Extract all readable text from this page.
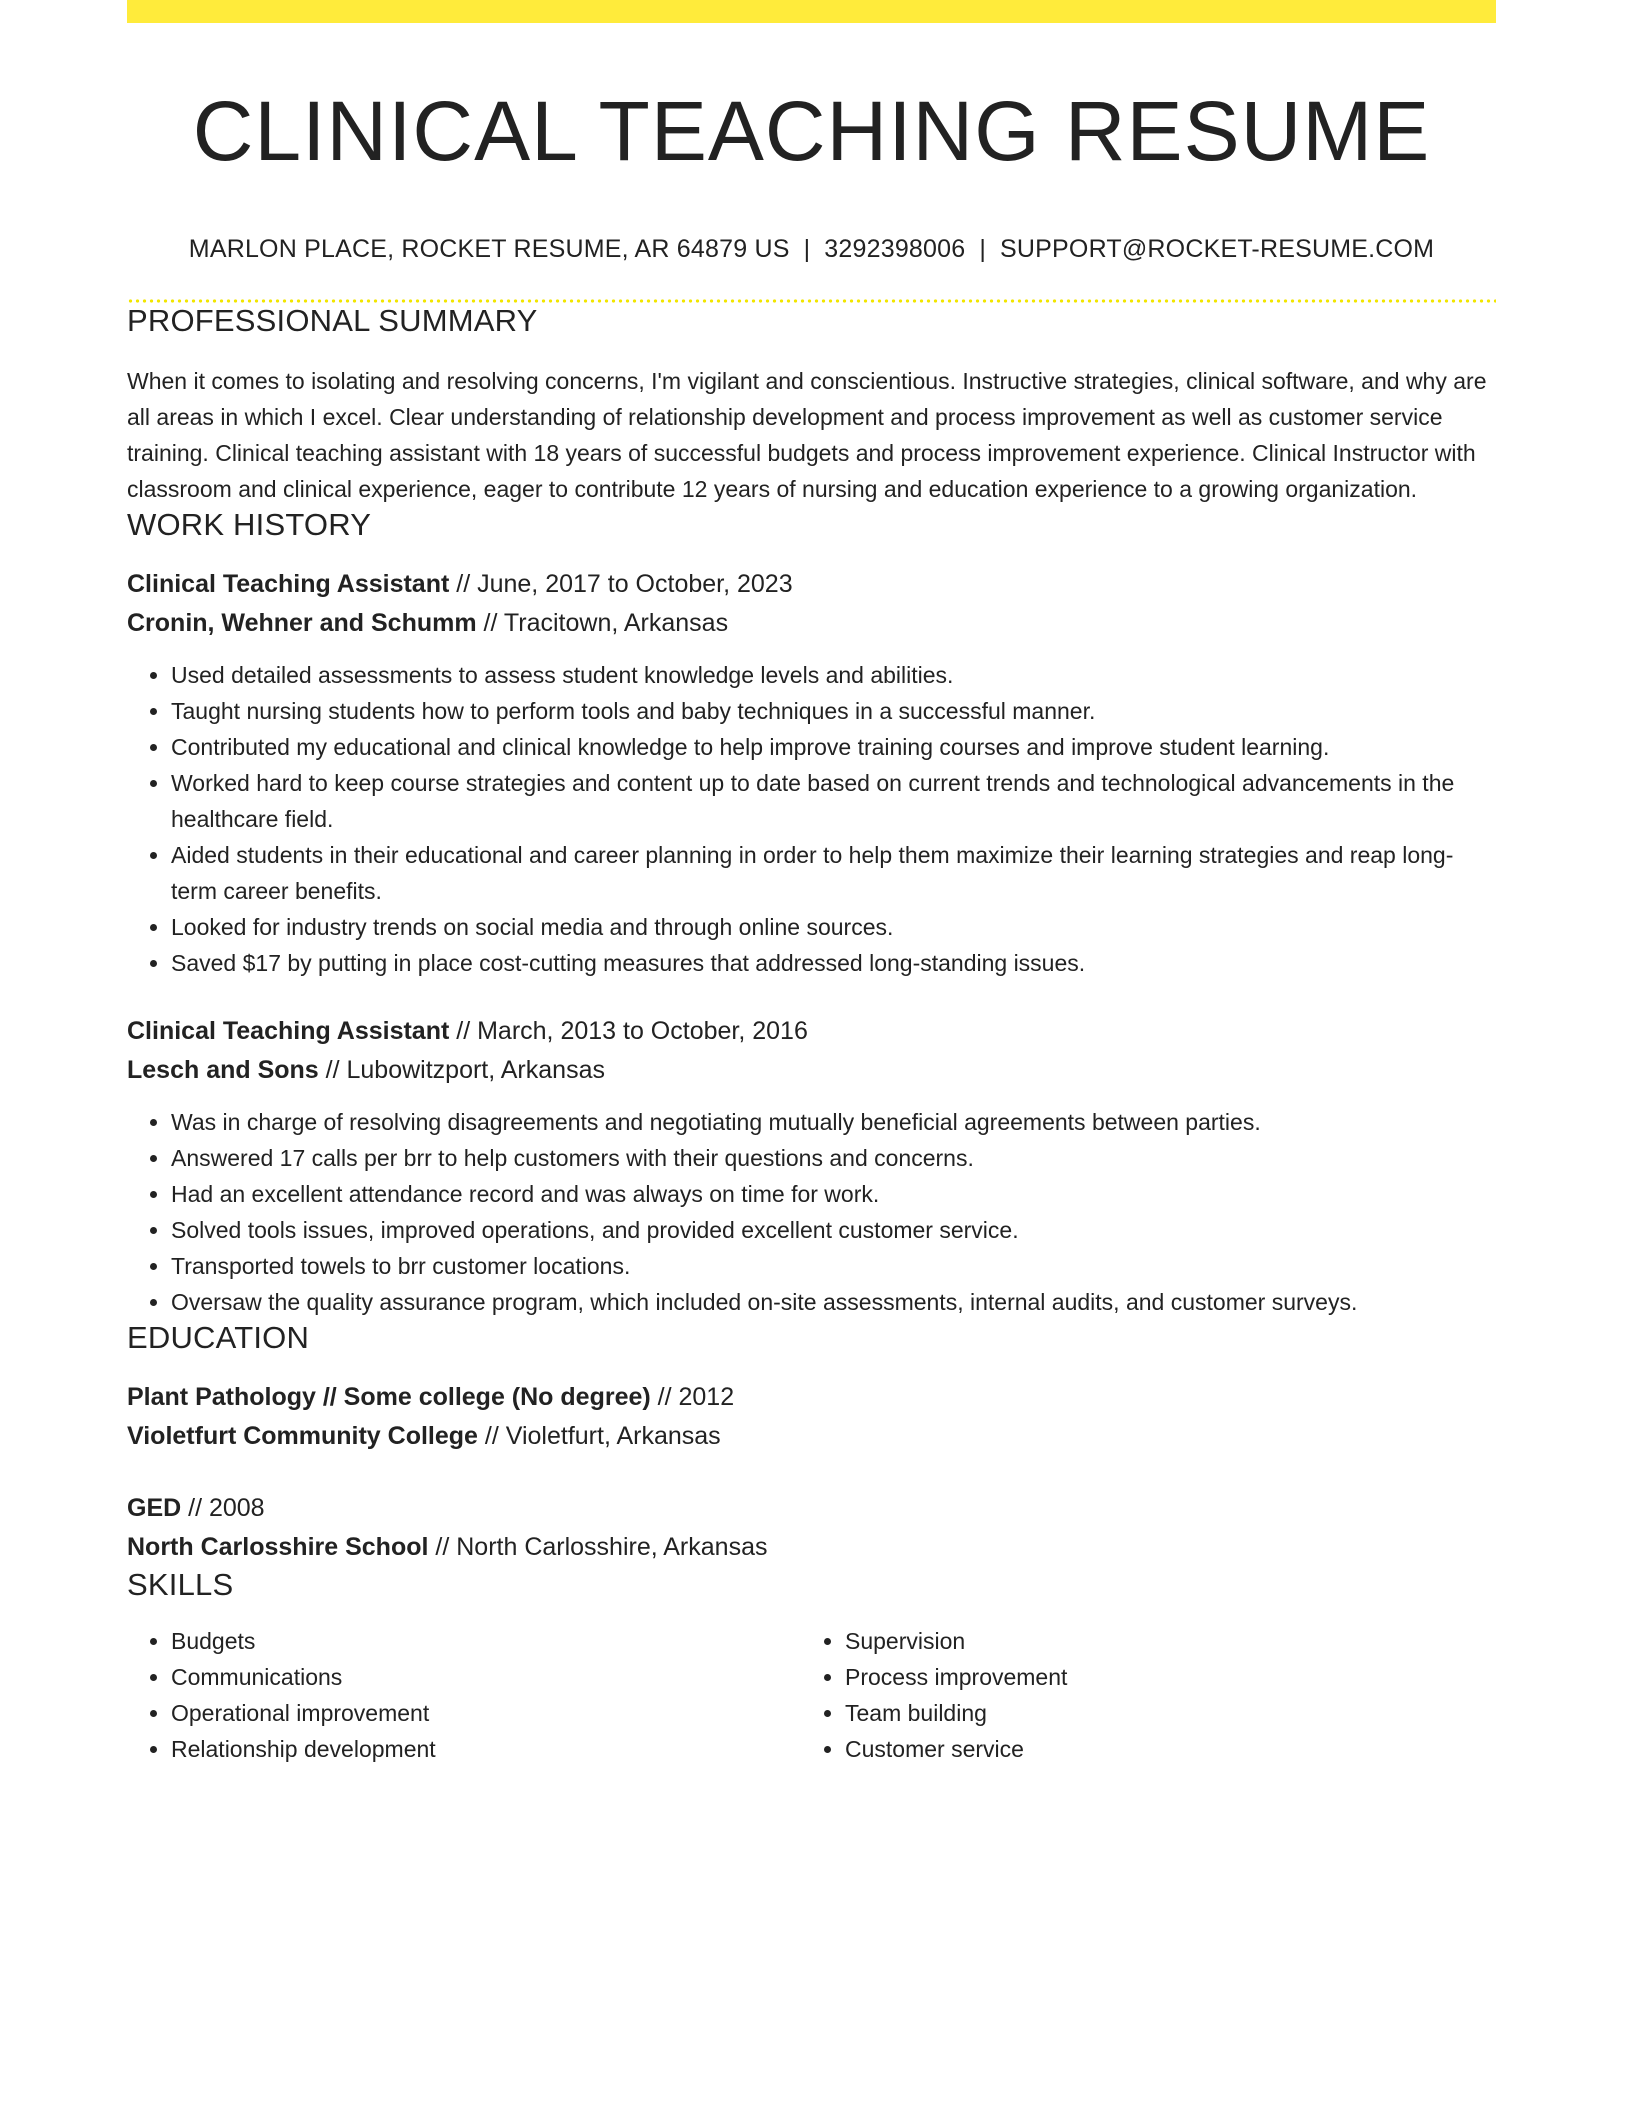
CLINICAL TEACHING RESUME
MARLON PLACE, ROCKET RESUME, AR 64879 US | 3292398006 | SUPPORT@ROCKET-RESUME.COM
PROFESSIONAL SUMMARY

When it comes to isolating and resolving concerns, I'm vigilant and conscientious. Instructive strategies, clinical software, and why are all areas in which I excel. Clear understanding of relationship development and process improvement as well as customer service training. Clinical teaching assistant with 18 years of successful budgets and process improvement experience. Clinical Instructor with classroom and clinical experience, eager to contribute 12 years of nursing and education experience to a growing organization.

WORK HISTORY
Clinical Teaching Assistant // June, 2017 to October, 2023
Cronin, Wehner and Schumm // Tracitown, Arkansas
• Used detailed assessments to assess student knowledge levels and abilities.
• Taught nursing students how to perform tools and baby techniques in a successful manner.
• Contributed my educational and clinical knowledge to help improve training courses and improve student learning.
• Worked hard to keep course strategies and content up to date based on current trends and technological advancements in the healthcare field.
• Aided students in their educational and career planning in order to help them maximize their learning strategies and reap long-term career benefits.
• Looked for industry trends on social media and through online sources.
• Saved $17 by putting in place cost-cutting measures that addressed long-standing issues.
Clinical Teaching Assistant // March, 2013 to October, 2016
Lesch and Sons // Lubowitzport, Arkansas
• Was in charge of resolving disagreements and negotiating mutually beneficial agreements between parties.
• Answered 17 calls per brr to help customers with their questions and concerns.
• Had an excellent attendance record and was always on time for work.
• Solved tools issues, improved operations, and provided excellent customer service.
• Transported towels to brr customer locations.
• Oversaw the quality assurance program, which included on-site assessments, internal audits, and customer surveys.
EDUCATION
Plant Pathology // Some college (No degree) // 2012
Violetfurt Community College // Violetfurt, Arkansas
GED // 2008
North Carlosshire School // North Carlosshire, Arkansas
SKILLS
• Budgets
• Communications
• Operational improvement
• Relationship development
• Supervision
• Process improvement
• Team building
• Customer service
